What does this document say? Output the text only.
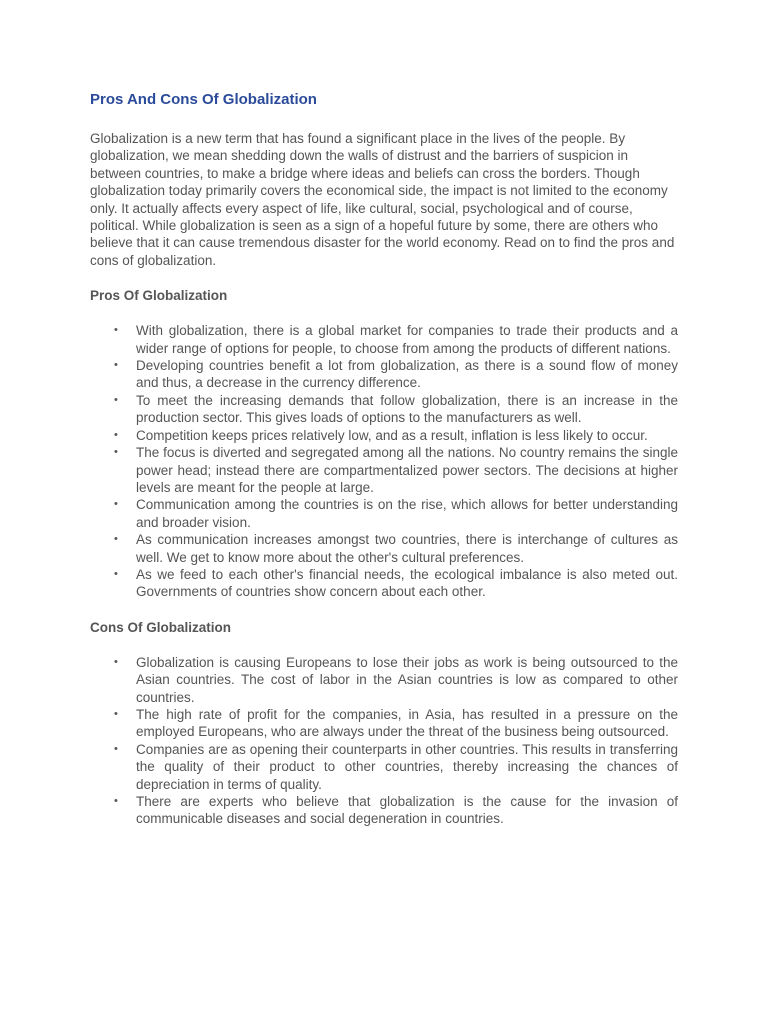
Pros And Cons Of Globalization

Globalization is a new term that has found a significant place in the lives of the people. By globalization, we mean shedding down the walls of distrust and the barriers of suspicion in between countries, to make a bridge where ideas and beliefs can cross the borders. Though globalization today primarily covers the economical side, the impact is not limited to the economy only. It actually affects every aspect of life, like cultural, social, psychological and of course, political. While globalization is seen as a sign of a hopeful future by some, there are others who believe that it can cause tremendous disaster for the world economy. Read on to find the pros and cons of globalization.

Pros Of Globalization
• With globalization, there is a global market for companies to trade their products and a wider range of options for people, to choose from among the products of different nations.
• Developing countries benefit a lot from globalization, as there is a sound flow of money and thus, a decrease in the currency difference.
• To meet the increasing demands that follow globalization, there is an increase in the production sector. This gives loads of options to the manufacturers as well.
• Competition keeps prices relatively low, and as a result, inflation is less likely to occur.
• The focus is diverted and segregated among all the nations. No country remains the single power head; instead there are compartmentalized power sectors. The decisions at higher levels are meant for the people at large.
• Communication among the countries is on the rise, which allows for better understanding and broader vision.
• As communication increases amongst two countries, there is interchange of cultures as well. We get to know more about the other's cultural preferences.
• As we feed to each other's financial needs, the ecological imbalance is also meted out. Governments of countries show concern about each other.
Cons Of Globalization
• Globalization is causing Europeans to lose their jobs as work is being outsourced to the Asian countries. The cost of labor in the Asian countries is low as compared to other countries.
• The high rate of profit for the companies, in Asia, has resulted in a pressure on the employed Europeans, who are always under the threat of the business being outsourced.
• Companies are as opening their counterparts in other countries. This results in transferring the quality of their product to other countries, thereby increasing the chances of depreciation in terms of quality.
• There are experts who believe that globalization is the cause for the invasion of communicable diseases and social degeneration in countries.
